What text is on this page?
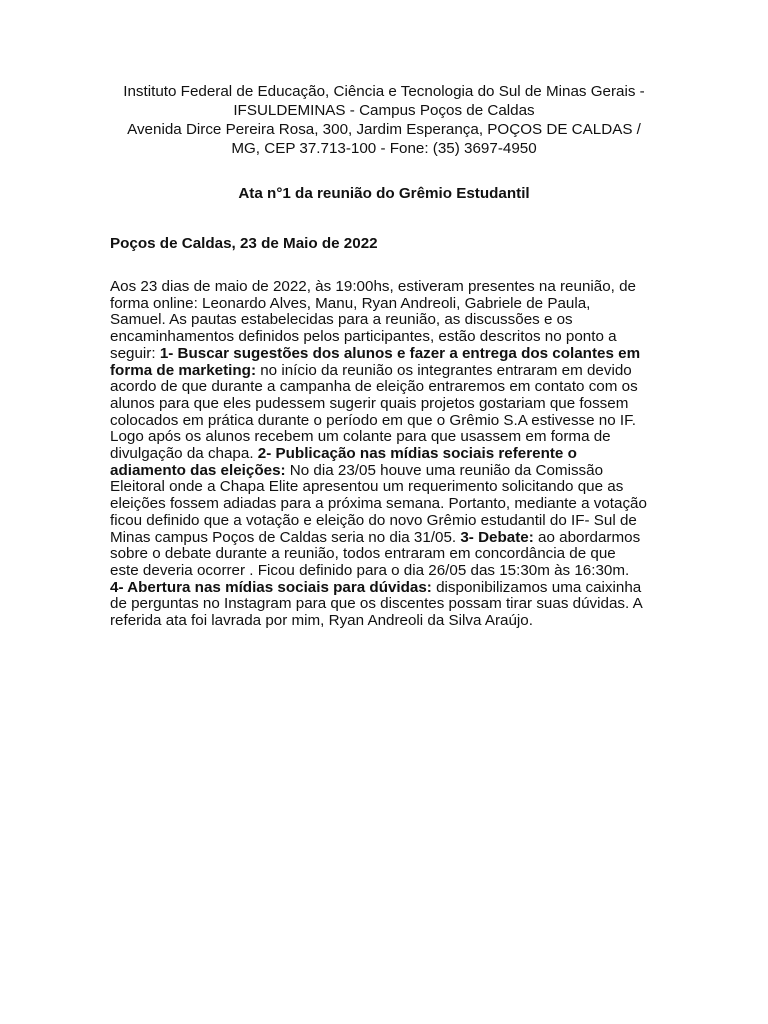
Instituto Federal de Educação, Ciência e Tecnologia do Sul de Minas Gerais -
IFSULDEMINAS - Campus Poços de Caldas
Avenida Dirce Pereira Rosa, 300, Jardim Esperança, POÇOS DE CALDAS /
MG, CEP 37.713-100 - Fone: (35) 3697-4950
Ata n°1 da reunião do Grêmio Estudantil
Poços de Caldas, 23 de Maio de 2022
Aos 23 dias de maio de 2022, às 19:00hs, estiveram presentes na reunião, de
forma online: Leonardo Alves, Manu, Ryan Andreoli, Gabriele de Paula,
Samuel. As pautas estabelecidas para a reunião, as discussões e os
encaminhamentos definidos pelos participantes, estão descritos no ponto a
seguir: 1- Buscar sugestões dos alunos e fazer a entrega dos colantes em
forma de marketing: no início da reunião os integrantes entraram em devido
acordo de que durante a campanha de eleição entraremos em contato com os
alunos para que eles pudessem sugerir quais projetos gostariam que fossem
colocados em prática durante o período em que o Grêmio S.A estivesse no IF.
Logo após os alunos recebem um colante para que usassem em forma de
divulgação da chapa. 2- Publicação nas mídias sociais referente o
adiamento das eleições: No dia 23/05 houve uma reunião da Comissão
Eleitoral onde a Chapa Elite apresentou um requerimento solicitando que as
eleições fossem adiadas para a próxima semana. Portanto, mediante a votação
ficou definido que a votação e eleição do novo Grêmio estudantil do IF- Sul de
Minas campus Poços de Caldas seria no dia 31/05. 3- Debate: ao abordarmos
sobre o debate durante a reunião, todos entraram em concordância de que
este deveria ocorrer . Ficou definido para o dia 26/05 das 15:30m às 16:30m.
4- Abertura nas mídias sociais para dúvidas: disponibilizamos uma caixinha
de perguntas no Instagram para que os discentes possam tirar suas dúvidas. A
referida ata foi lavrada por mim, Ryan Andreoli da Silva Araújo.
